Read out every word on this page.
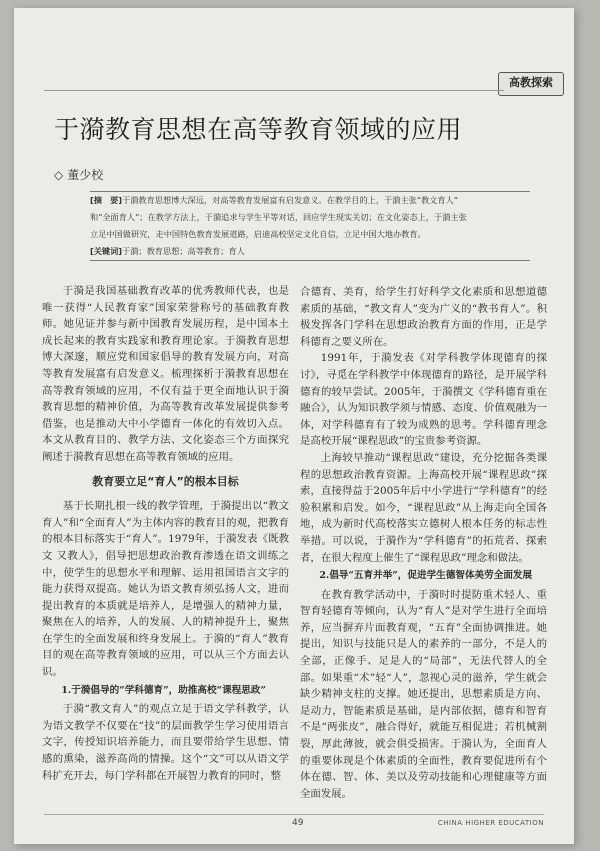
高教探索
于漪教育思想在高等教育领域的应用
◇ 董少校

[摘　要]于漪教育思想博大深远，对高等教育发展富有启发意义。在教学目的上，于漪主张“教文育人”

和“全面育人”；在教学方法上，于漪追求与学生平等对话，回应学生现实关切；在文化姿态上，于漪主张

立足中国做研究，走中国特色教育发展道路，启迪高校坚定文化自信，立足中国大地办教育。

[关键词]于漪；教育思想；高等教育；育人

于漪是我国基础教育改革的优秀教师代表，也是唯一获得“人民教育家”国家荣誉称号的基础教育教师。她见证并参与新中国教育发展历程，是中国本土成长起来的教育实践家和教育理论家。于漪教育思想博大深邃，顺应党和国家倡导的教育发展方向，对高等教育发展富有启发意义。梳理探析于漪教育思想在高等教育领域的应用，不仅有益于更全面地认识于漪教育思想的精神价值，为高等教育改革发展提供参考借鉴，也是推动大中小学德育一体化的有效切入点。本文从教育目的、教学方法、文化姿态三个方面探究阐述于漪教育思想在高等教育领域的应用。

教育要立足“育人”的根本目标

基于长期扎根一线的教学管理，于漪提出以“教文育人”和“全面育人”为主体内容的教育目的观，把教育的根本目标落实于“育人”。1979年，于漪发表《既教文 又教人》，倡导把思想政治教育渗透在语文训练之中，使学生的思想水平和理解、运用祖国语言文字的能力获得双提高。她认为语文教育须弘扬人文，进而提出教育的本质就是培养人，是增强人的精神力量，聚焦在人的培养，人的发展、人的精神提升上，聚焦在学生的全面发展和终身发展上。于漪的“育人”教育目的观在高等教育领域的应用，可以从三个方面去认识。

1.于漪倡导的“学科德育”，助推高校“课程思政”

于漪“教文育人”的观点立足于语文学科教学，认为语文教学不仅要在“技”的层面教学生学习使用语言文字，传授知识培养能力，而且要带给学生思想、情感的熏染，滋养高尚的情操。这个“文”可以从语文学科扩充开去，每门学科都在开展智力教育的同时，整

合德育、美育，给学生打好科学文化素质和思想道德素质的基础，“教文育人”变为广义的“教书育人”。积极发挥各门学科在思想政治教育方面的作用，正是学科德育之要义所在。

1991年，于漪发表《对学科教学体现德育的探讨》，寻觅在学科教学中体现德育的路径，是开展学科德育的较早尝试。2005年，于漪撰文《学科德育重在融合》，认为知识教学须与情感、态度、价值观融为一体，对学科德育有了较为成熟的思考。学科德育理念是高校开展“课程思政”的宝贵参考资源。

上海较早推动“课程思政”建设，充分挖掘各类课程的思想政治教育资源。上海高校开展“课程思政”探索，直接得益于2005年后中小学进行“学科德育”的经验积累和启发。如今，“课程思政”从上海走向全国各地，成为新时代高校落实立德树人根本任务的标志性举措。可以说，于漪作为“学科德育”的拓荒者、探索者，在很大程度上催生了“课程思政”理念和做法。

2.倡导“五育并举”，促进学生德智体美劳全面发展

在教育教学活动中，于漪时时提防重术轻人、重智育轻德育等倾向，认为“育人”是对学生进行全面培养，应当摒弃片面教育观，“五育”全面协调推进。她提出，知识与技能只是人的素养的一部分，不是人的全部，正像手、足是人的“局部”，无法代替人的全部。如果重“术”轻“人”，忽视心灵的滋养，学生就会缺少精神支柱的支撑。她还提出，思想素质是方向、是动力，智能素质是基础，是内部依据，德育和智育不是“两张皮”，融合得好，就能互相促进；若机械割裂，厚此薄彼，就会俱受损害。于漪认为，全面育人的重要体现是个体素质的全面性，教育要促进所有个体在德、智、体、美以及劳动技能和心理健康等方面全面发展。

49	CHINA HIGHER EDUCATION
